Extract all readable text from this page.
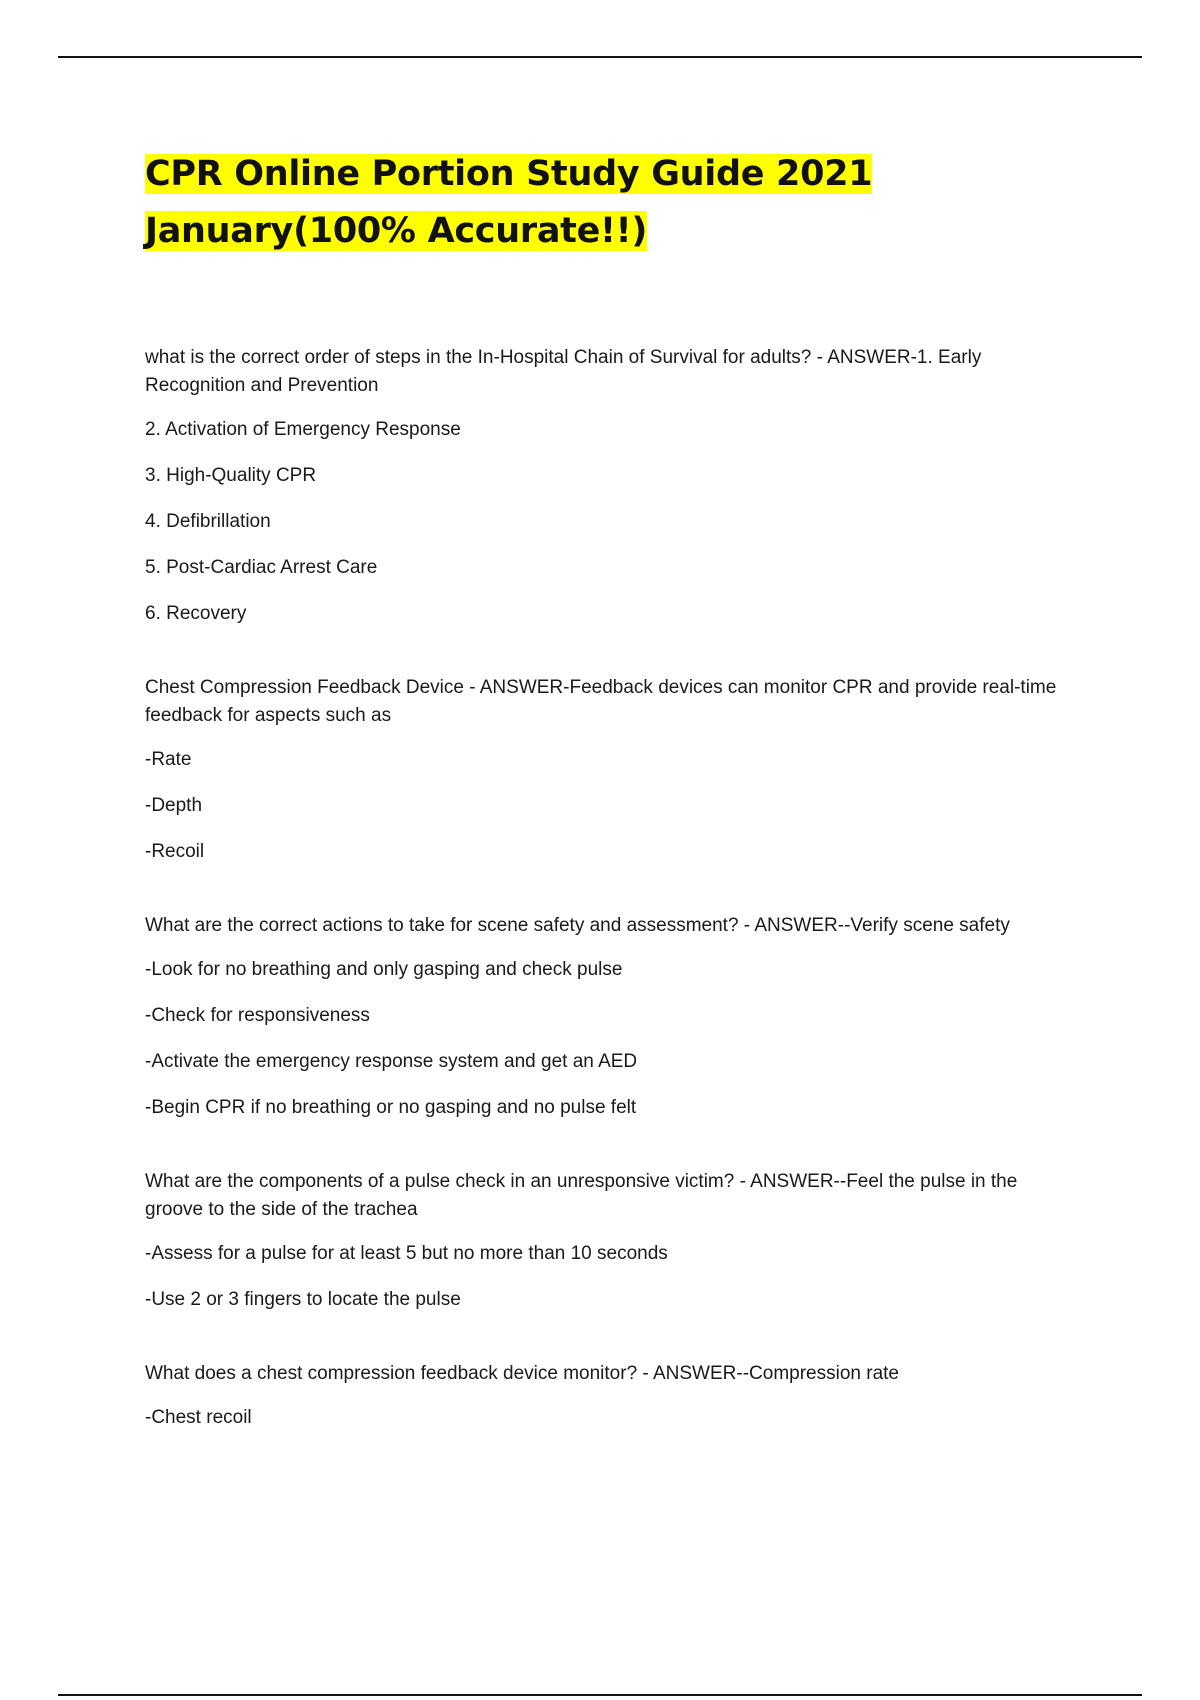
CPR Online Portion Study Guide 2021
January(100% Accurate!!)

what is the correct order of steps in the In-Hospital Chain of Survival for adults? - ANSWER-1. Early Recognition and Prevention

2. Activation of Emergency Response

3. High-Quality CPR

4. Defibrillation

5. Post-Cardiac Arrest Care

6. Recovery

Chest Compression Feedback Device - ANSWER-Feedback devices can monitor CPR and provide real-time feedback for aspects such as

-Rate

-Depth

-Recoil

What are the correct actions to take for scene safety and assessment? - ANSWER--Verify scene safety

-Look for no breathing and only gasping and check pulse

-Check for responsiveness

-Activate the emergency response system and get an AED

-Begin CPR if no breathing or no gasping and no pulse felt

What are the components of a pulse check in an unresponsive victim? - ANSWER--Feel the pulse in the groove to the side of the trachea

-Assess for a pulse for at least 5 but no more than 10 seconds

-Use 2 or 3 fingers to locate the pulse

What does a chest compression feedback device monitor? - ANSWER--Compression rate

-Chest recoil
